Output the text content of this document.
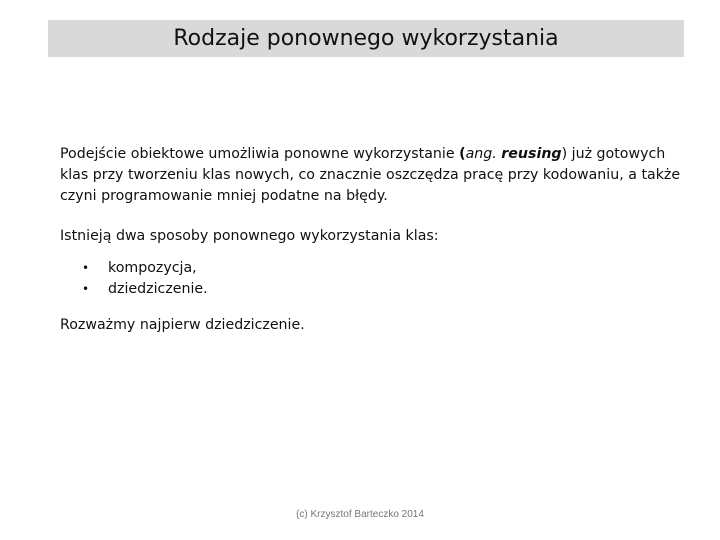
Rodzaje ponownego wykorzystania

Podejście obiektowe umożliwia ponowne wykorzystanie (ang. reusing) już gotowych klas przy tworzeniu klas nowych, co znacznie oszczędza pracę przy kodowaniu, a także czyni programowanie mniej podatne na błędy.

Istnieją dwa sposoby ponownego wykorzystania klas:

• kompozycja,
• dziedziczenie.

Rozważmy najpierw dziedziczenie.

(c) Krzysztof Barteczko 2014
